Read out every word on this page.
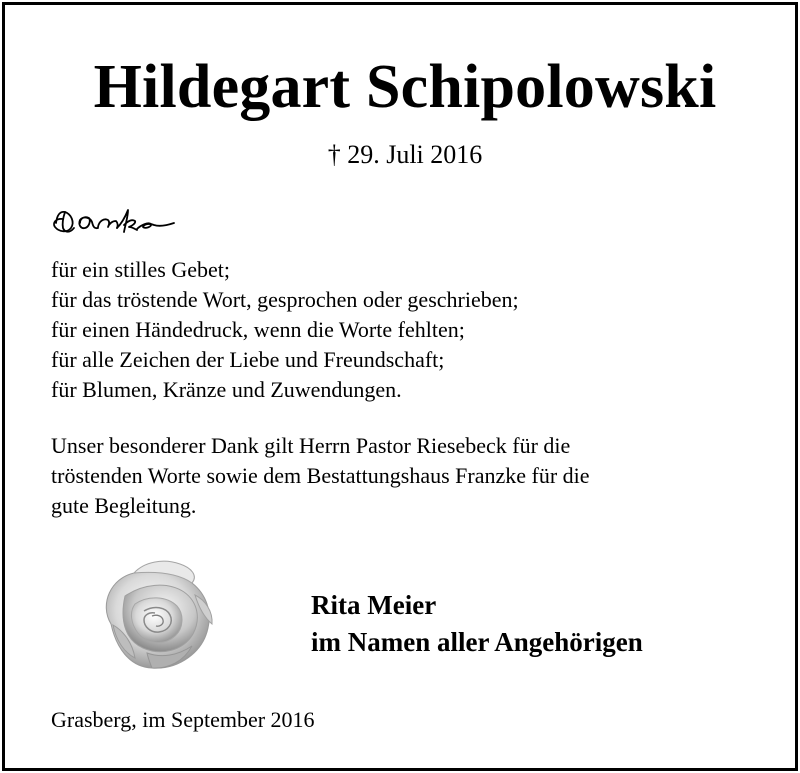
Hildegart Schipolowski
† 29. Juli 2016
für ein stilles Gebet;
für das tröstende Wort, gesprochen oder geschrieben;
für einen Händedruck, wenn die Worte fehlten;
für alle Zeichen der Liebe und Freundschaft;
für Blumen, Kränze und Zuwendungen.

Unser besonderer Dank gilt Herrn Pastor Riesebeck für die
tröstenden Worte sowie dem Bestattungshaus Franzke für die
gute Begleitung.

Rita Meier
im Namen aller Angehörigen
Grasberg, im September 2016
